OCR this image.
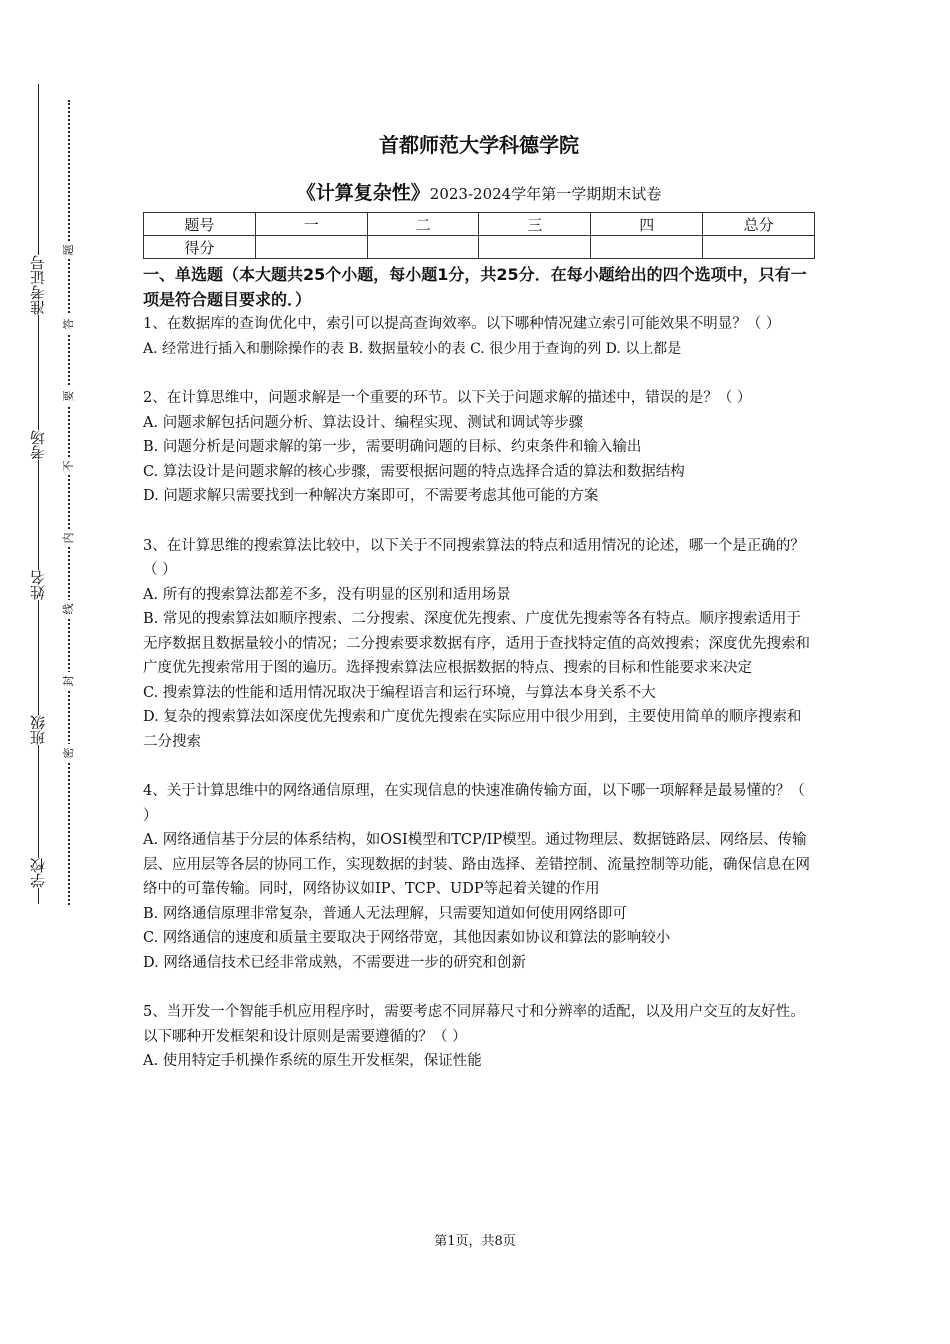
准考证号
考场
姓名
班级
学校
题
答
要
不
内
线
封
密
首都师范大学科德学院
《计算复杂性》2023-2024学年第一学期期末试卷
题号	一	二	三	四	总分
得分					
一、单选题（本大题共25个小题，每小题1分，共25分．在每小题给出的四个选项中，只有一项是符合题目要求的．）

1、在数据库的查询优化中，索引可以提高查询效率。以下哪种情况建立索引可能效果不明显？（ ）

A. 经常进行插入和删除操作的表 B. 数据量较小的表 C. 很少用于查询的列 D. 以上都是

2、在计算思维中，问题求解是一个重要的环节。以下关于问题求解的描述中，错误的是？（ ）

A. 问题求解包括问题分析、算法设计、编程实现、测试和调试等步骤

B. 问题分析是问题求解的第一步，需要明确问题的目标、约束条件和输入输出

C. 算法设计是问题求解的核心步骤，需要根据问题的特点选择合适的算法和数据结构

D. 问题求解只需要找到一种解决方案即可，不需要考虑其他可能的方案

3、在计算思维的搜索算法比较中，以下关于不同搜索算法的特点和适用情况的论述，哪一个是正确的？（ ）

A. 所有的搜索算法都差不多，没有明显的区别和适用场景

B. 常见的搜索算法如顺序搜索、二分搜索、深度优先搜索、广度优先搜索等各有特点。顺序搜索适用于无序数据且数据量较小的情况；二分搜索要求数据有序，适用于查找特定值的高效搜索；深度优先搜索和广度优先搜索常用于图的遍历。选择搜索算法应根据数据的特点、搜索的目标和性能要求来决定

C. 搜索算法的性能和适用情况取决于编程语言和运行环境，与算法本身关系不大

D. 复杂的搜索算法如深度优先搜索和广度优先搜索在实际应用中很少用到，主要使用简单的顺序搜索和二分搜索

4、关于计算思维中的网络通信原理，在实现信息的快速准确传输方面，以下哪一项解释是最易懂的？（ ）

A. 网络通信基于分层的体系结构，如OSI模型和TCP/IP模型。通过物理层、数据链路层、网络层、传输层、应用层等各层的协同工作，实现数据的封装、路由选择、差错控制、流量控制等功能，确保信息在网络中的可靠传输。同时，网络协议如IP、TCP、UDP等起着关键的作用

B. 网络通信原理非常复杂，普通人无法理解，只需要知道如何使用网络即可

C. 网络通信的速度和质量主要取决于网络带宽，其他因素如协议和算法的影响较小

D. 网络通信技术已经非常成熟，不需要进一步的研究和创新

5、当开发一个智能手机应用程序时，需要考虑不同屏幕尺寸和分辨率的适配，以及用户交互的友好性。以下哪种开发框架和设计原则是需要遵循的？（ ）

A. 使用特定手机操作系统的原生开发框架，保证性能

第1页，共8页
